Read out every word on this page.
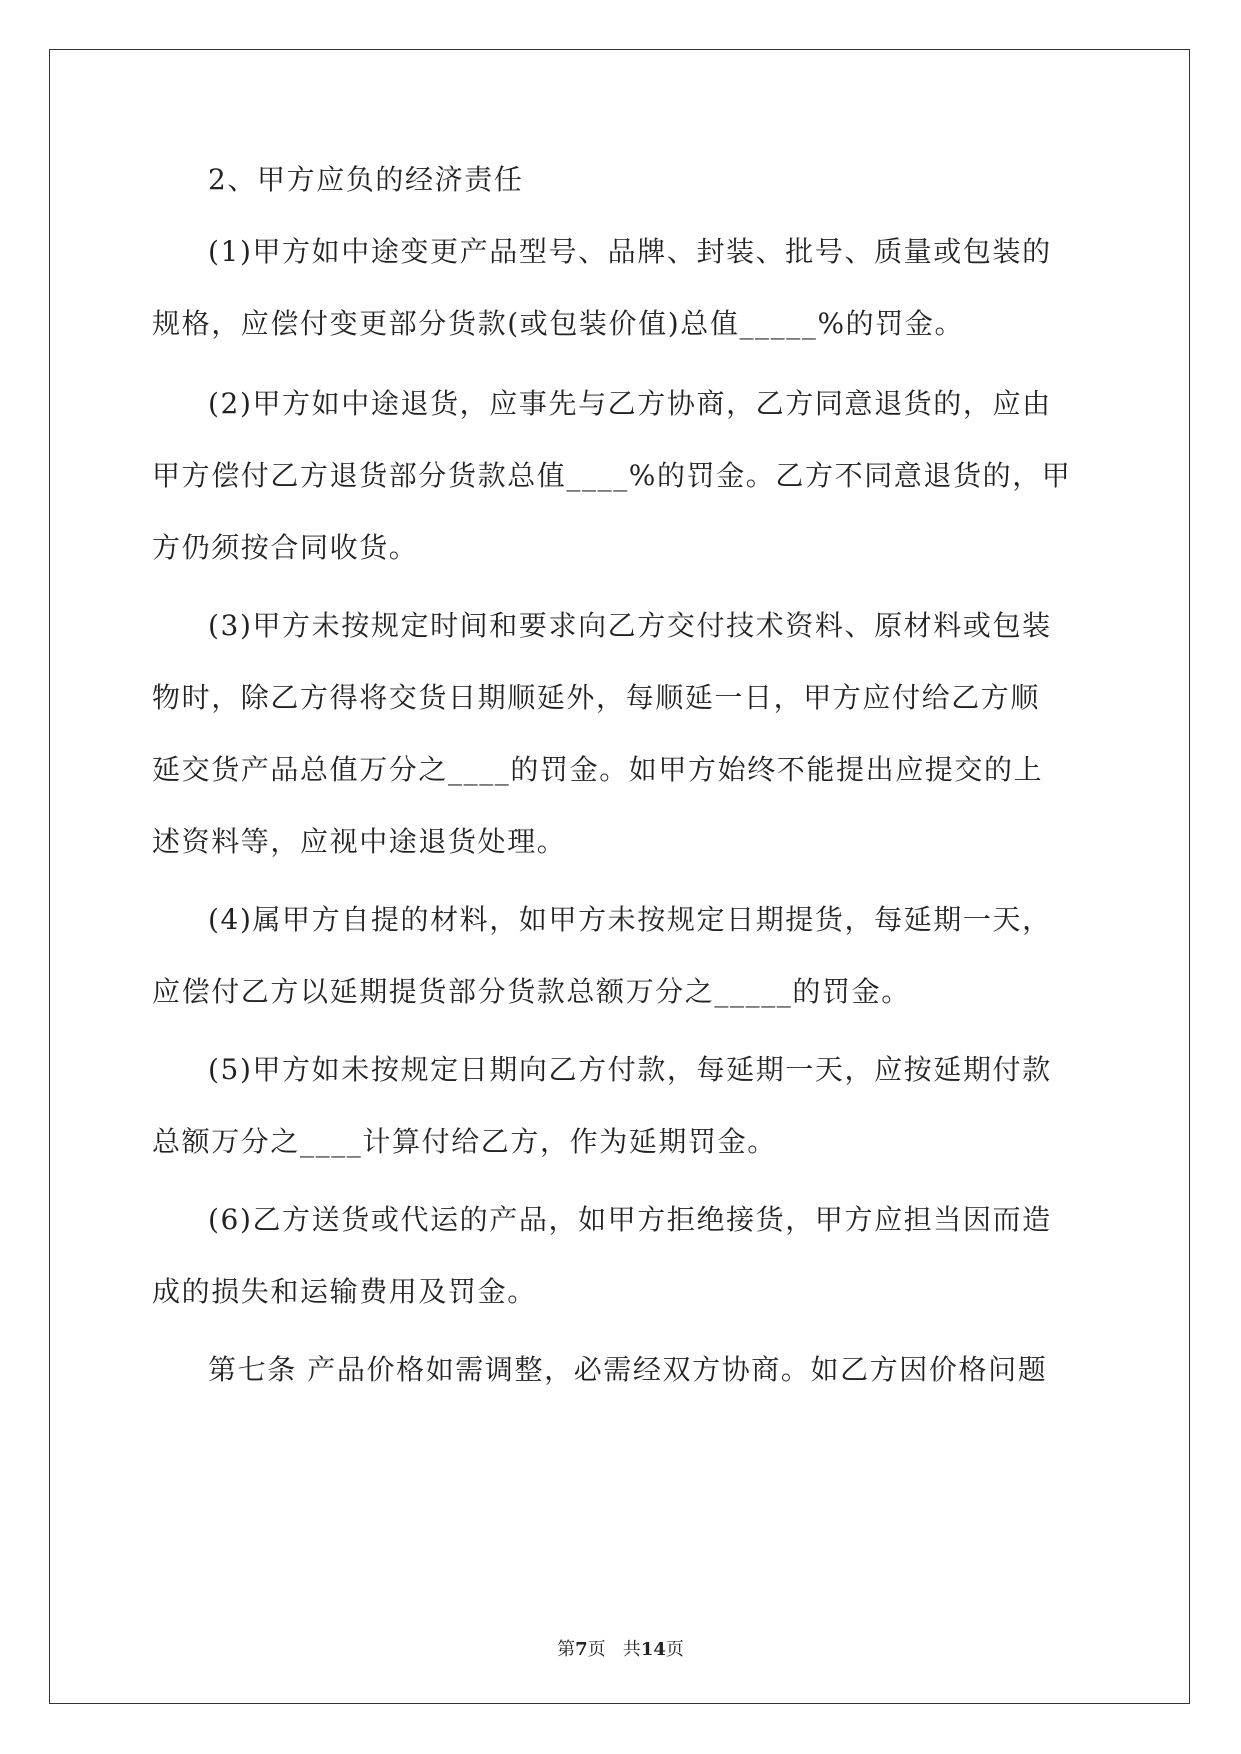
2、甲方应负的经济责任
(1)甲方如中途变更产品型号、品牌、封装、批号、质量或包装的
规格，应偿付变更部分货款(或包装价值)总值_____%的罚金。
(2)甲方如中途退货，应事先与乙方协商，乙方同意退货的，应由
甲方偿付乙方退货部分货款总值____%的罚金。乙方不同意退货的，甲
方仍须按合同收货。
(3)甲方未按规定时间和要求向乙方交付技术资料、原材料或包装
物时，除乙方得将交货日期顺延外，每顺延一日，甲方应付给乙方顺
延交货产品总值万分之____的罚金。如甲方始终不能提出应提交的上
述资料等，应视中途退货处理。
(4)属甲方自提的材料，如甲方未按规定日期提货，每延期一天，
应偿付乙方以延期提货部分货款总额万分之_____的罚金。
(5)甲方如未按规定日期向乙方付款，每延期一天，应按延期付款
总额万分之____计算付给乙方，作为延期罚金。
(6)乙方送货或代运的产品，如甲方拒绝接货，甲方应担当因而造
成的损失和运输费用及罚金。
第七条 产品价格如需调整，必需经双方协商。如乙方因价格问题
第7页   共14页
